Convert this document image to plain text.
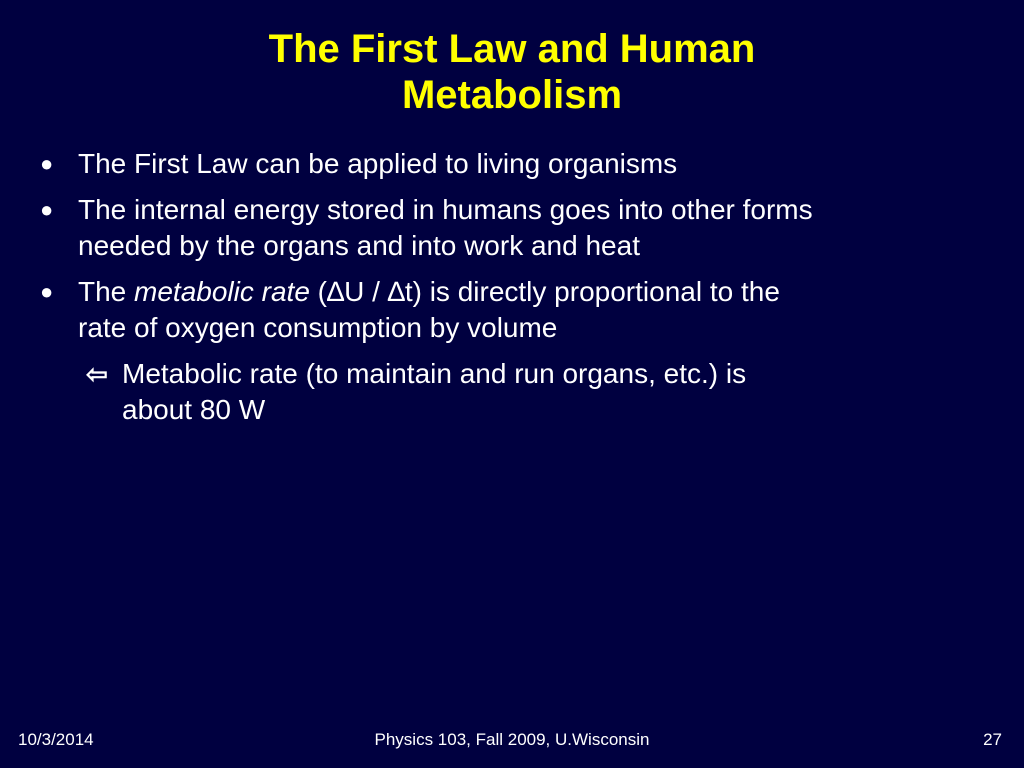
The First Law and Human
Metabolism
● The First Law can be applied to living organisms
● The internal energy stored in humans goes into other forms
needed by the organs and into work and heat
● The metabolic rate (∆U / ∆t) is directly proportional to the
rate of oxygen consumption by volume
⇦ Metabolic rate (to maintain and run organs, etc.) is
about 80 W
10/3/2014	Physics 103, Fall 2009, U.Wisconsin	27
